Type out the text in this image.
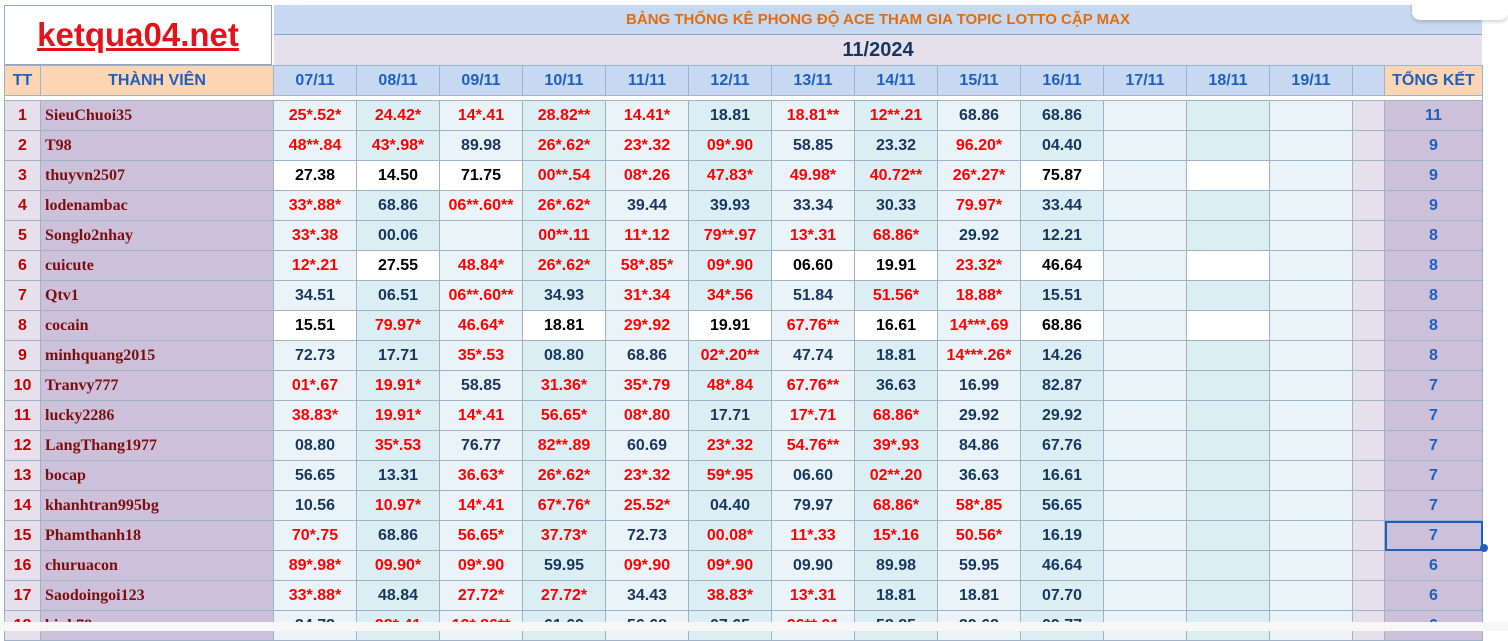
ketqua04.net	BẢNG THỐNG KÊ PHONG ĐỘ ACE THAM GIA TOPIC LOTTO CẶP MAX
11/2024
TT	THÀNH VIÊN	07/11	08/11	09/11	10/11	11/11	12/11	13/11	14/11	15/11	16/11	17/11	18/11	19/11		TỔNG KẾT

1	SieuChuoi35	25*.52*	24.42*	14*.41	28.82**	14.41*	18.81	18.81**	12**.21	68.86	68.86					11
2	T98	48**.84	43*.98*	89.98	26*.62*	23*.32	09*.90	58.85	23.32	96.20*	04.40					9
3	thuyvn2507	27.38	14.50	71.75	00**.54	08*.26	47.83*	49.98*	40.72**	26*.27*	75.87					9
4	lodenambac	33*.88*	68.86	06**.60**	26*.62*	39.44	39.93	33.34	30.33	79.97*	33.44					9
5	Songlo2nhay	33*.38	00.06		00**.11	11*.12	79**.97	13*.31	68.86*	29.92	12.21					8
6	cuicute	12*.21	27.55	48.84*	26*.62*	58*.85*	09*.90	06.60	19.91	23.32*	46.64					8
7	Qtv1	34.51	06.51	06**.60**	34.93	31*.34	34*.56	51.84	51.56*	18.88*	15.51					8
8	cocain	15.51	79.97*	46.64*	18.81	29*.92	19.91	67.76**	16.61	14***.69	68.86					8
9	minhquang2015	72.73	17.71	35*.53	08.80	68.86	02*.20**	47.74	18.81	14***.26*	14.26					8
10	Tranvy777	01*.67	19.91*	58.85	31.36*	35*.79	48*.84	67.76**	36.63	16.99	82.87					7
11	lucky2286	38.83*	19.91*	14*.41	56.65*	08*.80	17.71	17*.71	68.86*	29.92	29.92					7
12	LangThang1977	08.80	35*.53	76.77	82**.89	60.69	23*.32	54.76**	39*.93	84.86	67.76					7
13	bocap	56.65	13.31	36.63*	26*.62*	23*.32	59*.95	06.60	02**.20	36.63	16.61					7
14	khanhtran995bg	10.56	10.97*	14*.41	67*.76*	25.52*	04.40	79.97	68.86*	58*.85	56.65					7
15	Phamthanh18	70*.75	68.86	56.65*	37.73*	72.73	00.08*	11*.33	15*.16	50.56*	16.19					7
16	churuacon	89*.98*	09.90*	09*.90	59.95	09*.90	09*.90	09.90	89.98	59.95	46.64					6
17	Saodoingoi123	33*.88*	48.84	27.72*	27.72*	34.43	38.83*	13*.31	18.81	18.81	07.70					6
